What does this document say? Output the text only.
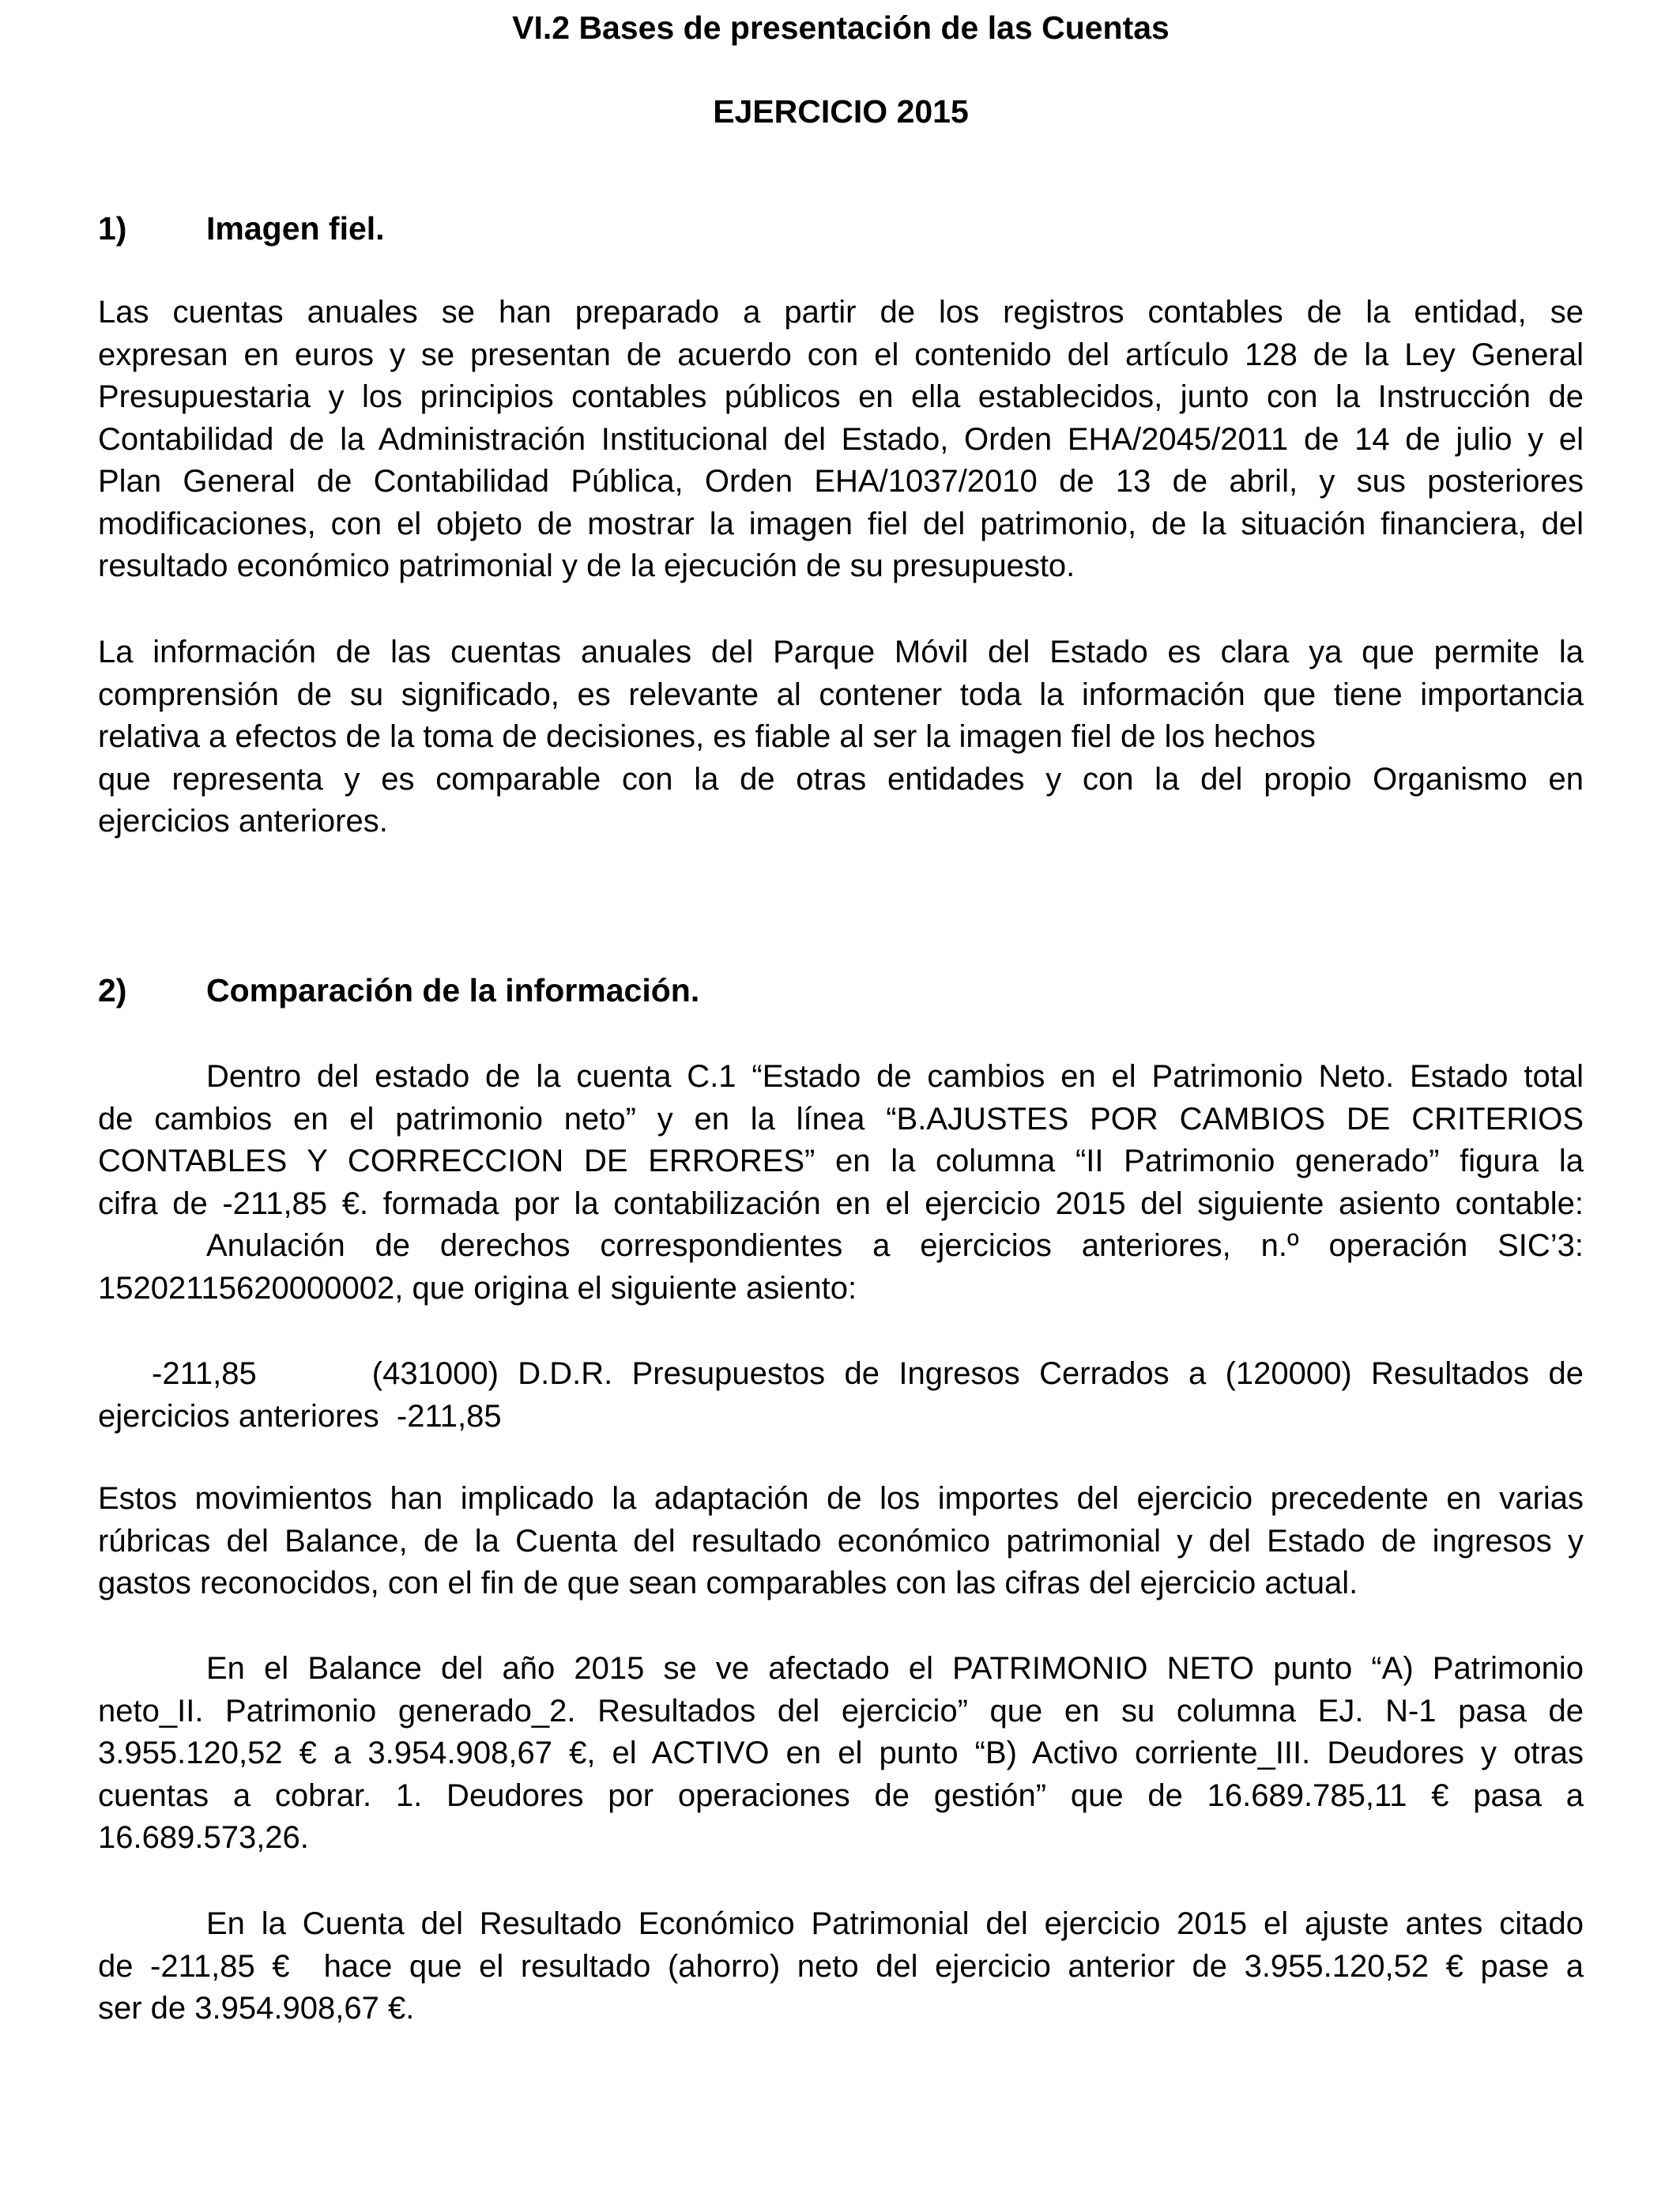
VI.2 Bases de presentación de las Cuentas
EJERCICIO 2015
1) Imagen fiel.
Las cuentas anuales se han preparado a partir de los registros contables de la entidad, se
expresan en euros y se presentan de acuerdo con el contenido del artículo 128 de la Ley General
Presupuestaria y los principios contables públicos en ella establecidos, junto con la Instrucción de
Contabilidad de la Administración Institucional del Estado, Orden EHA/2045/2011 de 14 de julio y el
Plan General de Contabilidad Pública, Orden EHA/1037/2010 de 13 de abril, y sus posteriores
modificaciones, con el objeto de mostrar la imagen fiel del patrimonio, de la situación financiera, del
resultado económico patrimonial y de la ejecución de su presupuesto.
La información de las cuentas anuales del Parque Móvil del Estado es clara ya que permite la
comprensión de su significado, es relevante al contener toda la información que tiene importancia
relativa a efectos de la toma de decisiones, es fiable al ser la imagen fiel de los hechos
que representa y es comparable con la de otras entidades y con la del propio Organismo en
ejercicios anteriores.
2) Comparación de la información.
Dentro del estado de la cuenta C.1 “Estado de cambios en el Patrimonio Neto. Estado total
de cambios en el patrimonio neto” y en la línea “B.AJUSTES POR CAMBIOS DE CRITERIOS
CONTABLES Y CORRECCION DE ERRORES” en la columna “II Patrimonio generado” figura la
cifra de -211,85 €. formada por la contabilización en el ejercicio 2015 del siguiente asiento contable:
Anulación de derechos correspondientes a ejercicios anteriores, n.º operación SIC’3:
15202115620000002, que origina el siguiente asiento:
-211,85      (431000) D.D.R. Presupuestos de Ingresos Cerrados a (120000) Resultados de
ejercicios anteriores  -211,85
Estos movimientos han implicado la adaptación de los importes del ejercicio precedente en varias
rúbricas del Balance, de la Cuenta del resultado económico patrimonial y del Estado de ingresos y
gastos reconocidos, con el fin de que sean comparables con las cifras del ejercicio actual.
En el Balance del año 2015 se ve afectado el PATRIMONIO NETO punto “A) Patrimonio
neto_II. Patrimonio generado_2. Resultados del ejercicio” que en su columna EJ. N-1 pasa de
3.955.120,52 € a 3.954.908,67 €, el ACTIVO en el punto “B) Activo corriente_III. Deudores y otras
cuentas a cobrar. 1. Deudores por operaciones de gestión” que de 16.689.785,11 € pasa a
16.689.573,26.
En la Cuenta del Resultado Económico Patrimonial del ejercicio 2015 el ajuste antes citado
de -211,85 €  hace que el resultado (ahorro) neto del ejercicio anterior de 3.955.120,52 € pase a
ser de 3.954.908,67 €.
